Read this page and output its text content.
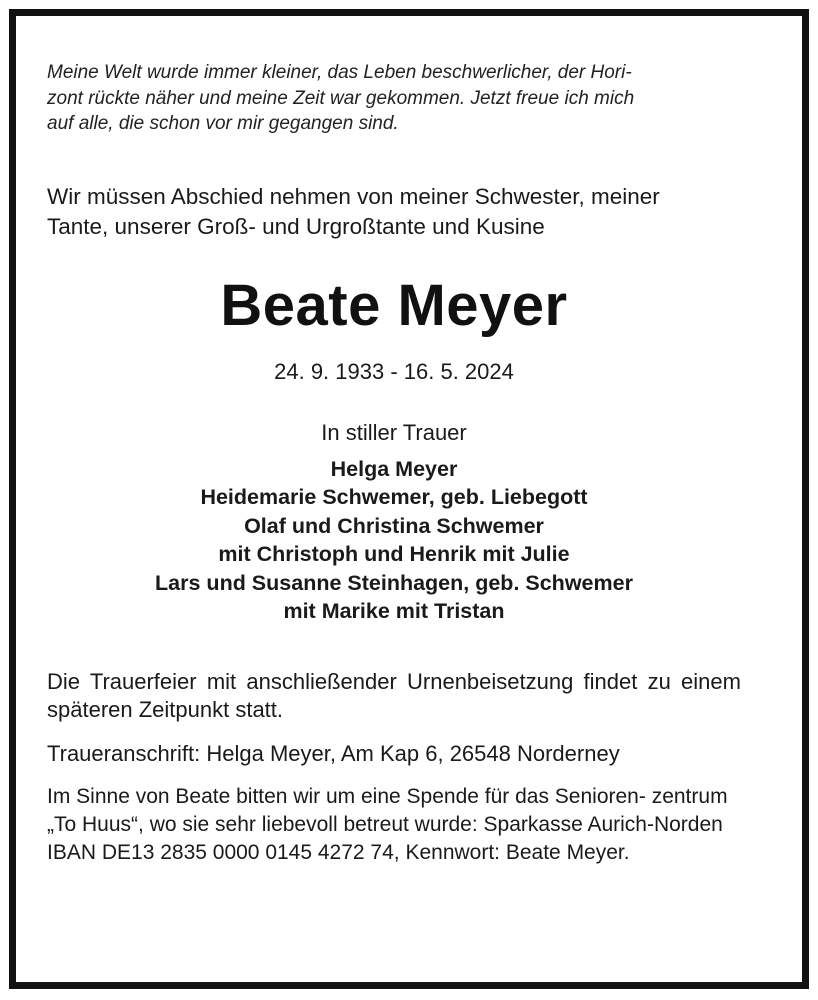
Meine Welt wurde immer kleiner, das Leben beschwerlicher, der Hori-
zont rückte näher und meine Zeit war gekommen. Jetzt freue ich mich
auf alle, die schon vor mir gegangen sind.

Wir müssen Abschied nehmen von meiner Schwester, meiner
Tante, unserer Groß- und Urgroßtante und Kusine

Beate Meyer

24. 9. 1933 - 16. 5. 2024

In stiller Trauer

Helga Meyer
Heidemarie Schwemer, geb. Liebegott
Olaf und Christina Schwemer
mit Christoph und Henrik mit Julie
Lars und Susanne Steinhagen, geb. Schwemer
mit Marike mit Tristan

Die Trauerfeier mit anschließender Urnenbeisetzung findet zu einem späteren Zeitpunkt statt.

Traueranschrift: Helga Meyer, Am Kap 6, 26548 Norderney

Im Sinne von Beate bitten wir um eine Spende für das Senioren- zentrum „To Huus“, wo sie sehr liebevoll betreut wurde: Sparkasse Aurich-Norden IBAN DE13 2835 0000 0145 4272 74, Kennwort: Beate Meyer.
